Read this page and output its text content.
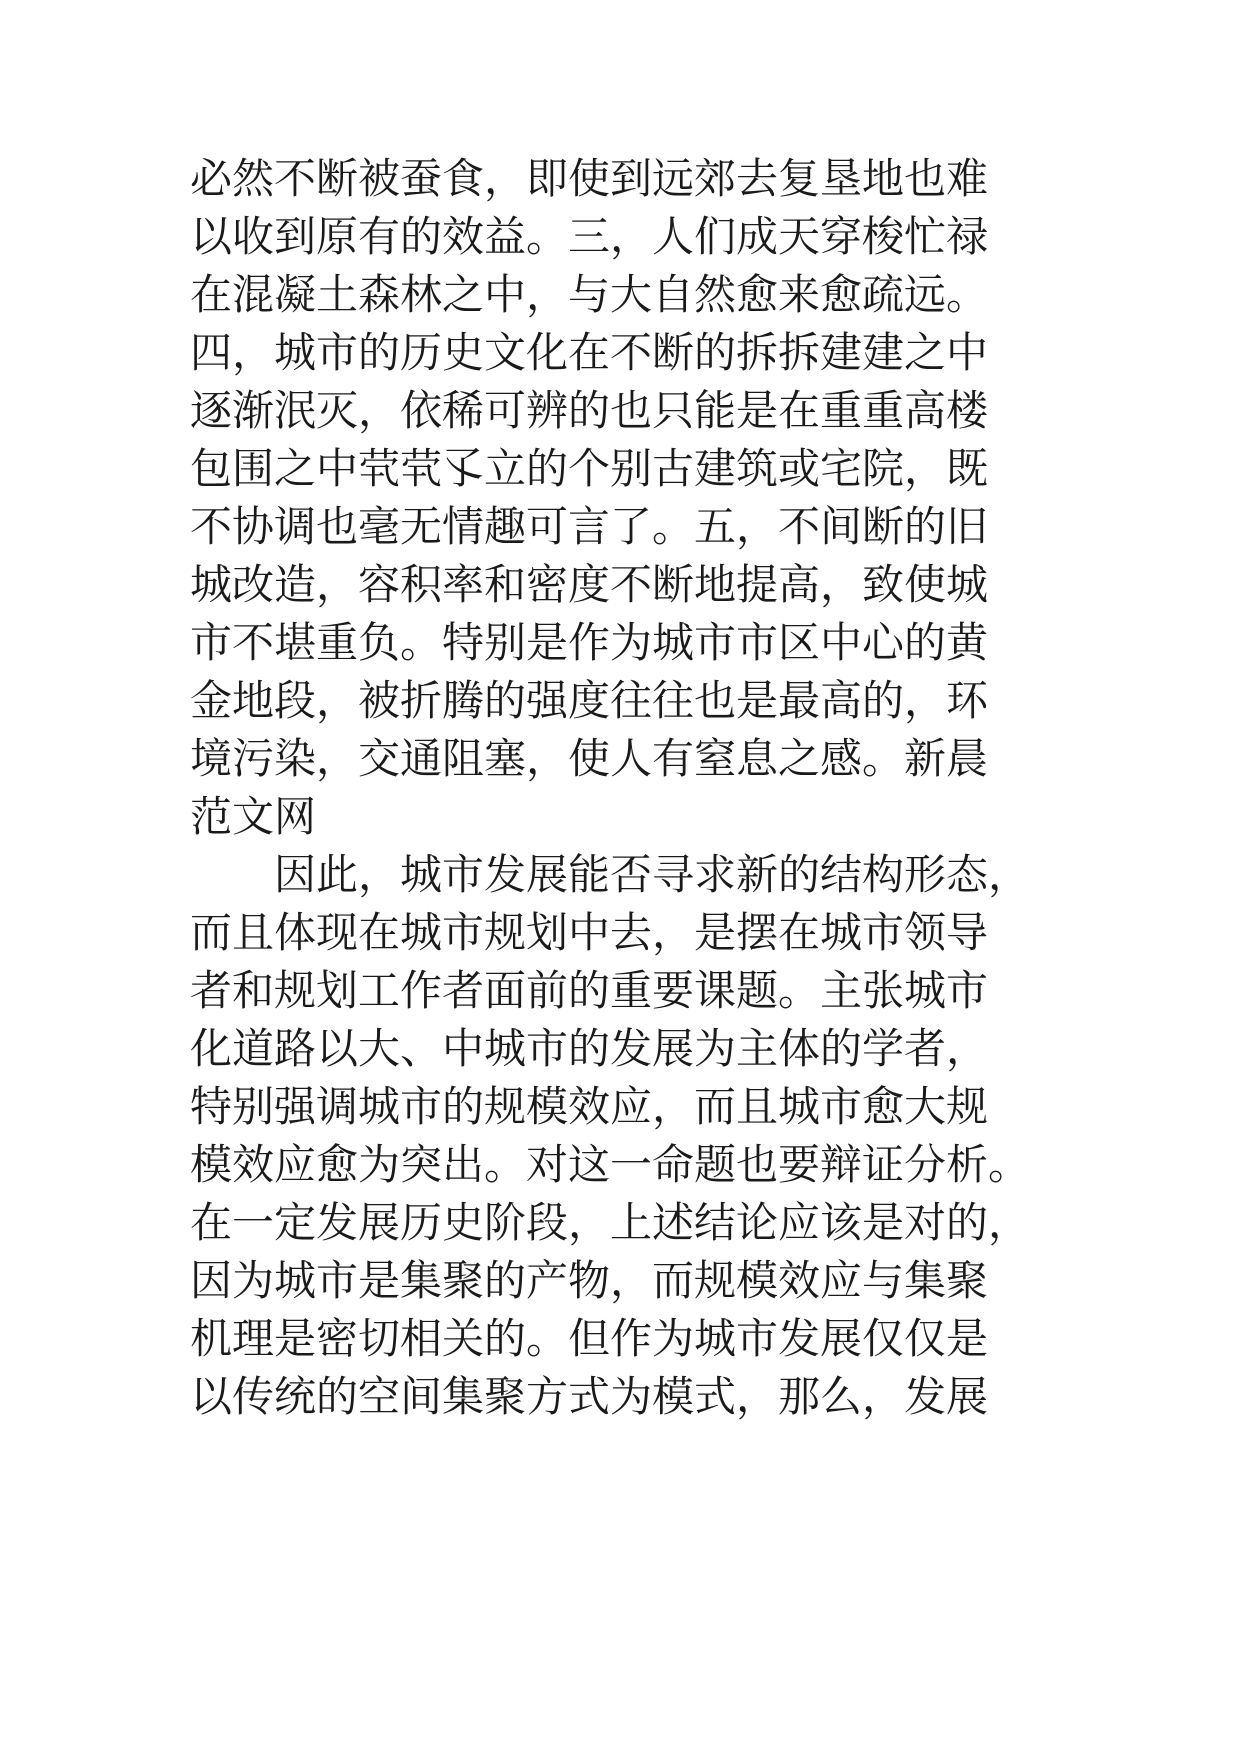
必然不断被蚕食，即使到远郊去复垦地也难
以收到原有的效益。三，人们成天穿梭忙禄
在混凝土森林之中，与大自然愈来愈疏远。
四，城市的历史文化在不断的拆拆建建之中
逐渐泯灭，依稀可辨的也只能是在重重高楼
包围之中茕茕孓立的个别古建筑或宅院，既
不协调也毫无情趣可言了。五，不间断的旧
城改造，容积率和密度不断地提高，致使城
市不堪重负。特别是作为城市市区中心的黄
金地段，被折腾的强度往往也是最高的，环
境污染，交通阻塞，使人有窒息之感。新晨
范文网
　　因此，城市发展能否寻求新的结构形态，
而且体现在城市规划中去，是摆在城市领导
者和规划工作者面前的重要课题。主张城市
化道路以大、中城市的发展为主体的学者，
特别强调城市的规模效应，而且城市愈大规
模效应愈为突出。对这一命题也要辩证分析。
在一定发展历史阶段，上述结论应该是对的，
因为城市是集聚的产物，而规模效应与集聚
机理是密切相关的。但作为城市发展仅仅是
以传统的空间集聚方式为模式，那么，发展
